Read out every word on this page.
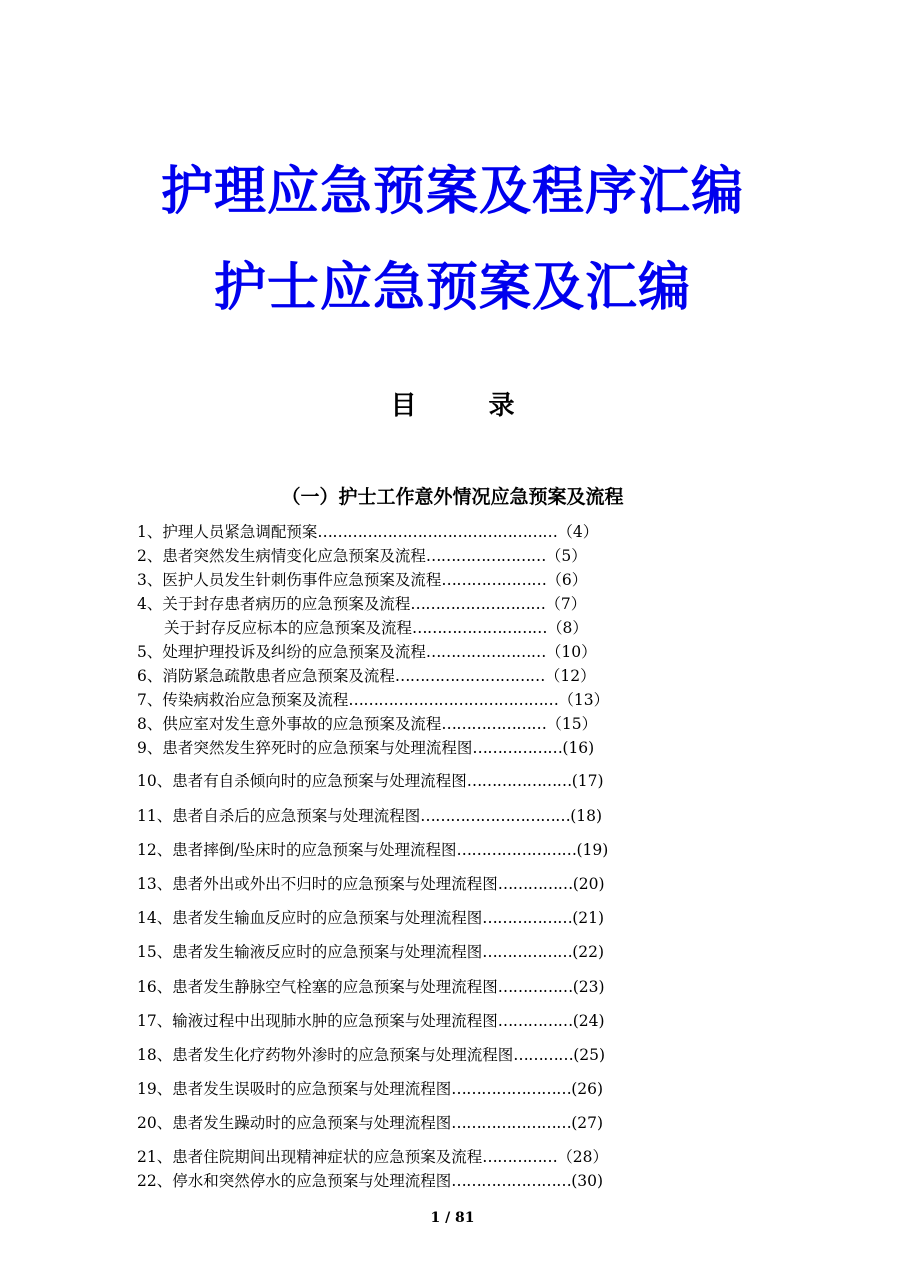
护理应急预案及程序汇编
护士应急预案及汇编
目	录
（一）护士工作意外情况应急预案及流程
1、护理人员紧急调配预案…………………………………………（4）
2、患者突然发生病情变化应急预案及流程……………………（5）
3、医护人员发生针刺伤事件应急预案及流程…………………（6）
4、关于封存患者病历的应急预案及流程………………………（7）
关于封存反应标本的应急预案及流程………………………（8）
5、处理护理投诉及纠纷的应急预案及流程……………………（10）
6、消防紧急疏散患者应急预案及流程…………………………（12）
7、传染病救治应急预案及流程……………………………………（13）
8、供应室对发生意外事故的应急预案及流程…………………（15）
9、患者突然发生猝死时的应急预案与处理流程图………………(16)
10、患者有自杀倾向时的应急预案与处理流程图…………………(17)
11、患者自杀后的应急预案与处理流程图…………………………(18)
12、患者摔倒/坠床时的应急预案与处理流程图……………………(19)
13、患者外出或外出不归时的应急预案与处理流程图……………(20)
14、患者发生输血反应时的应急预案与处理流程图………………(21)
15、患者发生输液反应时的应急预案与处理流程图………………(22)
16、患者发生静脉空气栓塞的应急预案与处理流程图……………(23)
17、输液过程中出现肺水肿的应急预案与处理流程图……………(24)
18、患者发生化疗药物外渗时的应急预案与处理流程图…………(25)
19、患者发生误吸时的应急预案与处理流程图……………………(26)
20、患者发生躁动时的应急预案与处理流程图……………………(27)
21、患者住院期间出现精神症状的应急预案及流程……………（28）
22、停水和突然停水的应急预案与处理流程图……………………(30)
1 / 81
